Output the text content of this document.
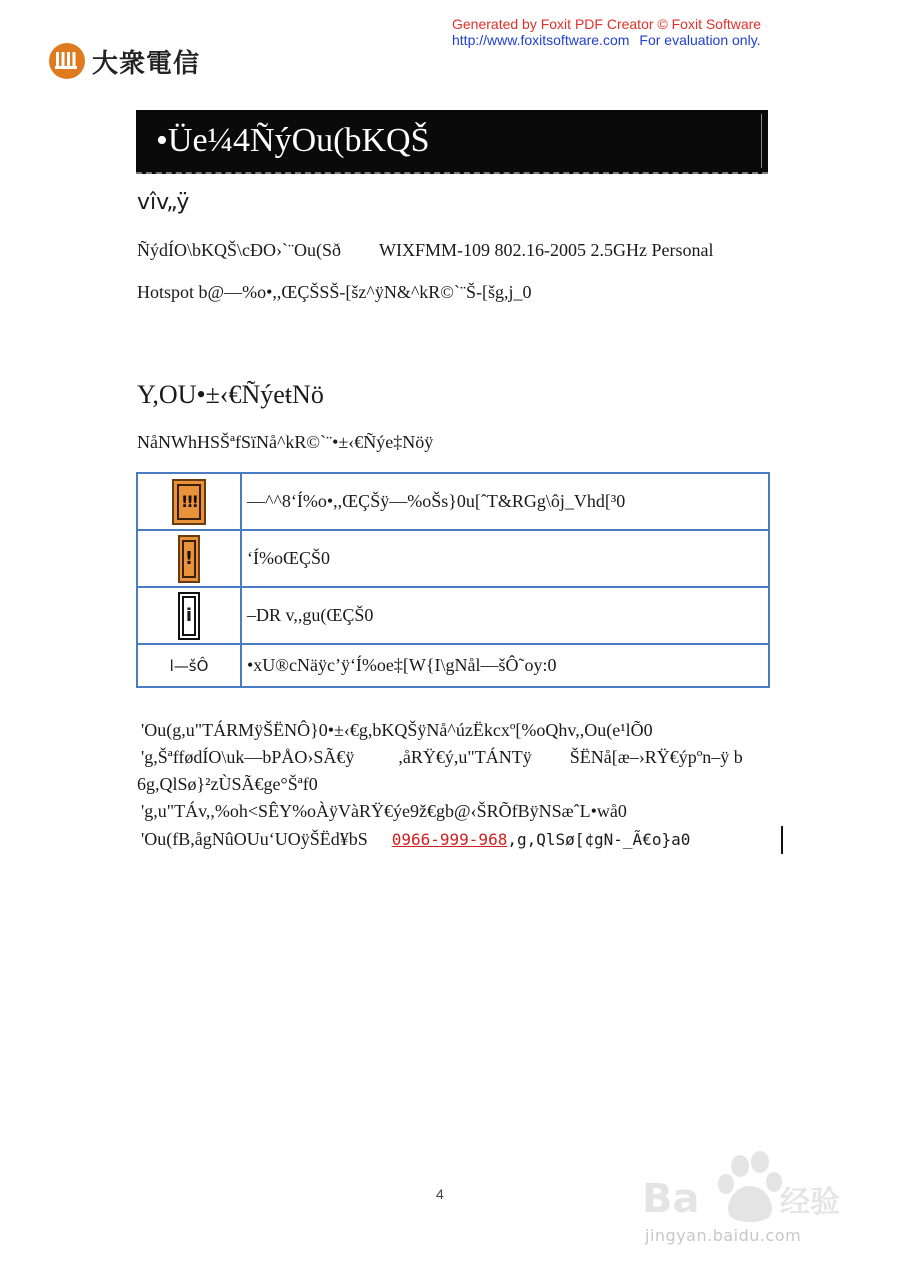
Generated by Foxit PDF Creator © Foxit Software
http://www.foxitsoftware.com For evaluation only.
大衆電信
•Üe¼4ÑýOu(bKQŠ
vîv„ÿ
ÑýdÍO\bKQŠ\cÐO›`¨Ou(Sð WIXFMM-109 802.16-2005 2.5GHz Personal
Hotspot b@—%o•,,ŒÇŠSŠ-[šz^ÿN&^kR©`¨Š-[šg,j_0
Y,OU•±‹€ÑýeŧNö
NåNWhHSŠªfSïNå^kR©`¨•±‹€Ñýe‡Nöÿ
!!!	—^^8‘Í%o•,,ŒÇŠÿ—%oŠs}0u[ˆT&RGg\ôj_Vhd[³0

!	‘Í%oŒÇŠ0

i	–DR v,,gu(ŒÇŠ0
l—šÔ	•xU®cNäÿc’ÿ‘Í%oe‡[W{I\gNål—šÔ˜oy:0
'Ou(g,u"TÁRMÿŠËNÔ}0•±‹€g,bKQŠÿNå^úzËkcxº[%oQhv,,Ou(e¹lÕ0
'g,ŠªffødÍO\uk—bPÅO›SÃ€ÿ ,åRŸ€ý,u"TÁNTÿ ŠËNå[æ–›RŸ€ýpºn–ÿ b
6g,QlSø}²zÙSÃ€ge°Šªf0
'g,u"TÁv,,%oh<SÊY%oÀÿVàRŸ€ýe9ž€gb@‹ŠRÕfBÿNSæˆL•wå0
'Ou(fB,ågNûOUu‘UOÿŠËd¥bS 0966-999-968,g,QlSø[¢gN-_Ã€o}a0
4	Ba	经验
jingyan.baidu.com
